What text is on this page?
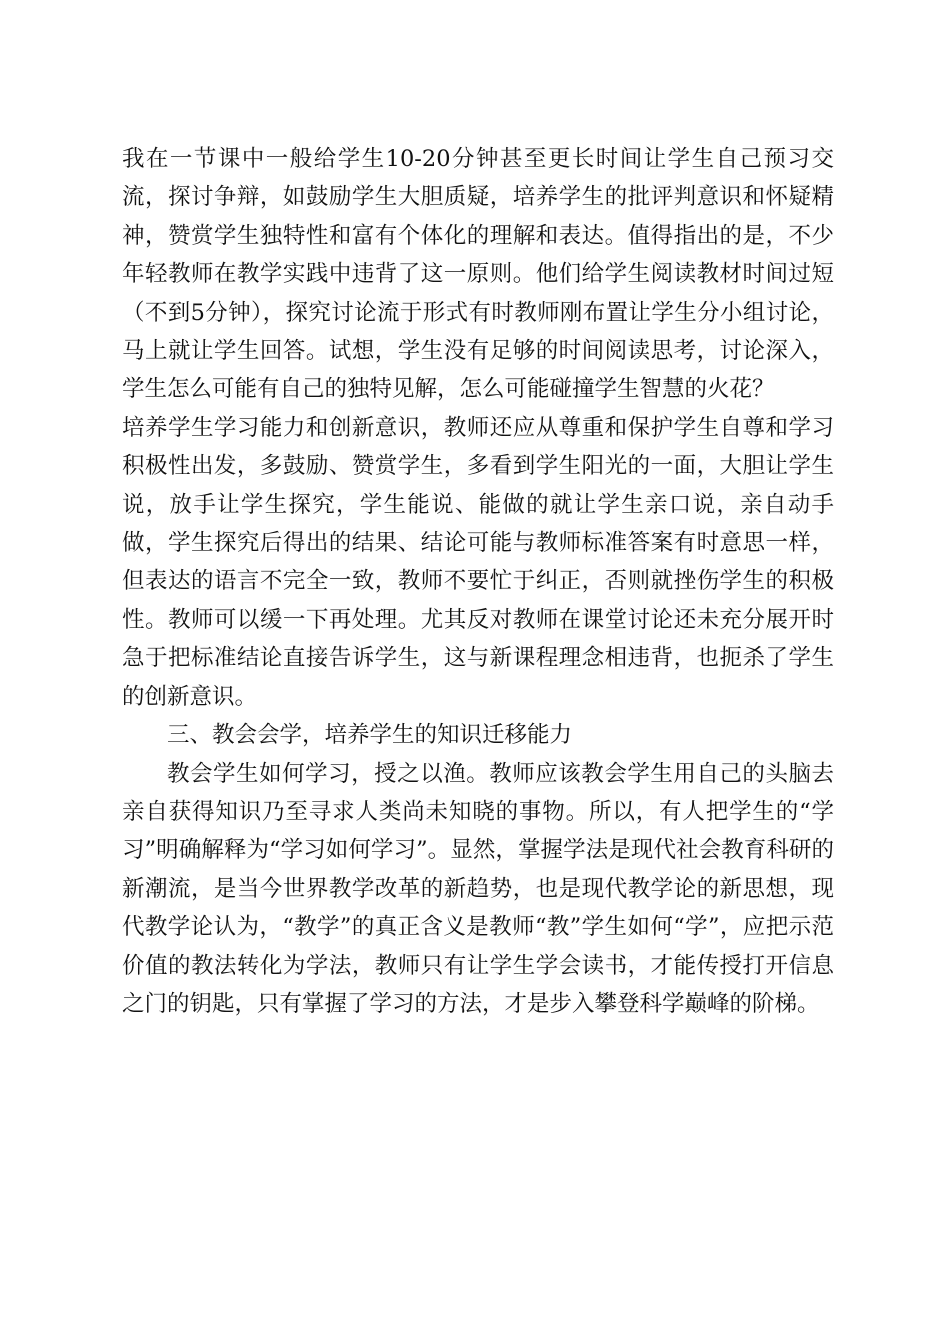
我在一节课中一般给学生10-20分钟甚至更长时间让学生自己预习交流，探讨争辩，如鼓励学生大胆质疑，培养学生的批评判意识和怀疑精神，赞赏学生独特性和富有个体化的理解和表达。值得指出的是，不少年轻教师在教学实践中违背了这一原则。他们给学生阅读教材时间过短（不到5分钟），探究讨论流于形式有时教师刚布置让学生分小组讨论，马上就让学生回答。试想，学生没有足够的时间阅读思考，讨论深入，学生怎么可能有自己的独特见解，怎么可能碰撞学生智慧的火花？

培养学生学习能力和创新意识，教师还应从尊重和保护学生自尊和学习积极性出发，多鼓励、赞赏学生，多看到学生阳光的一面，大胆让学生说，放手让学生探究，学生能说、能做的就让学生亲口说，亲自动手做，学生探究后得出的结果、结论可能与教师标准答案有时意思一样，但表达的语言不完全一致，教师不要忙于纠正，否则就挫伤学生的积极性。教师可以缓一下再处理。尤其反对教师在课堂讨论还未充分展开时急于把标准结论直接告诉学生，这与新课程理念相违背，也扼杀了学生的创新意识。

三、教会会学，培养学生的知识迁移能力

教会学生如何学习，授之以渔。教师应该教会学生用自己的头脑去亲自获得知识乃至寻求人类尚未知晓的事物。所以，有人把学生的“学习”明确解释为“学习如何学习”。显然，掌握学法是现代社会教育科研的新潮流，是当今世界教学改革的新趋势，也是现代教学论的新思想，现代教学论认为，“教学”的真正含义是教师“教”学生如何“学”，应把示范价值的教法转化为学法，教师只有让学生学会读书，才能传授打开信息之门的钥匙，只有掌握了学习的方法，才是步入攀登科学巅峰的阶梯。
